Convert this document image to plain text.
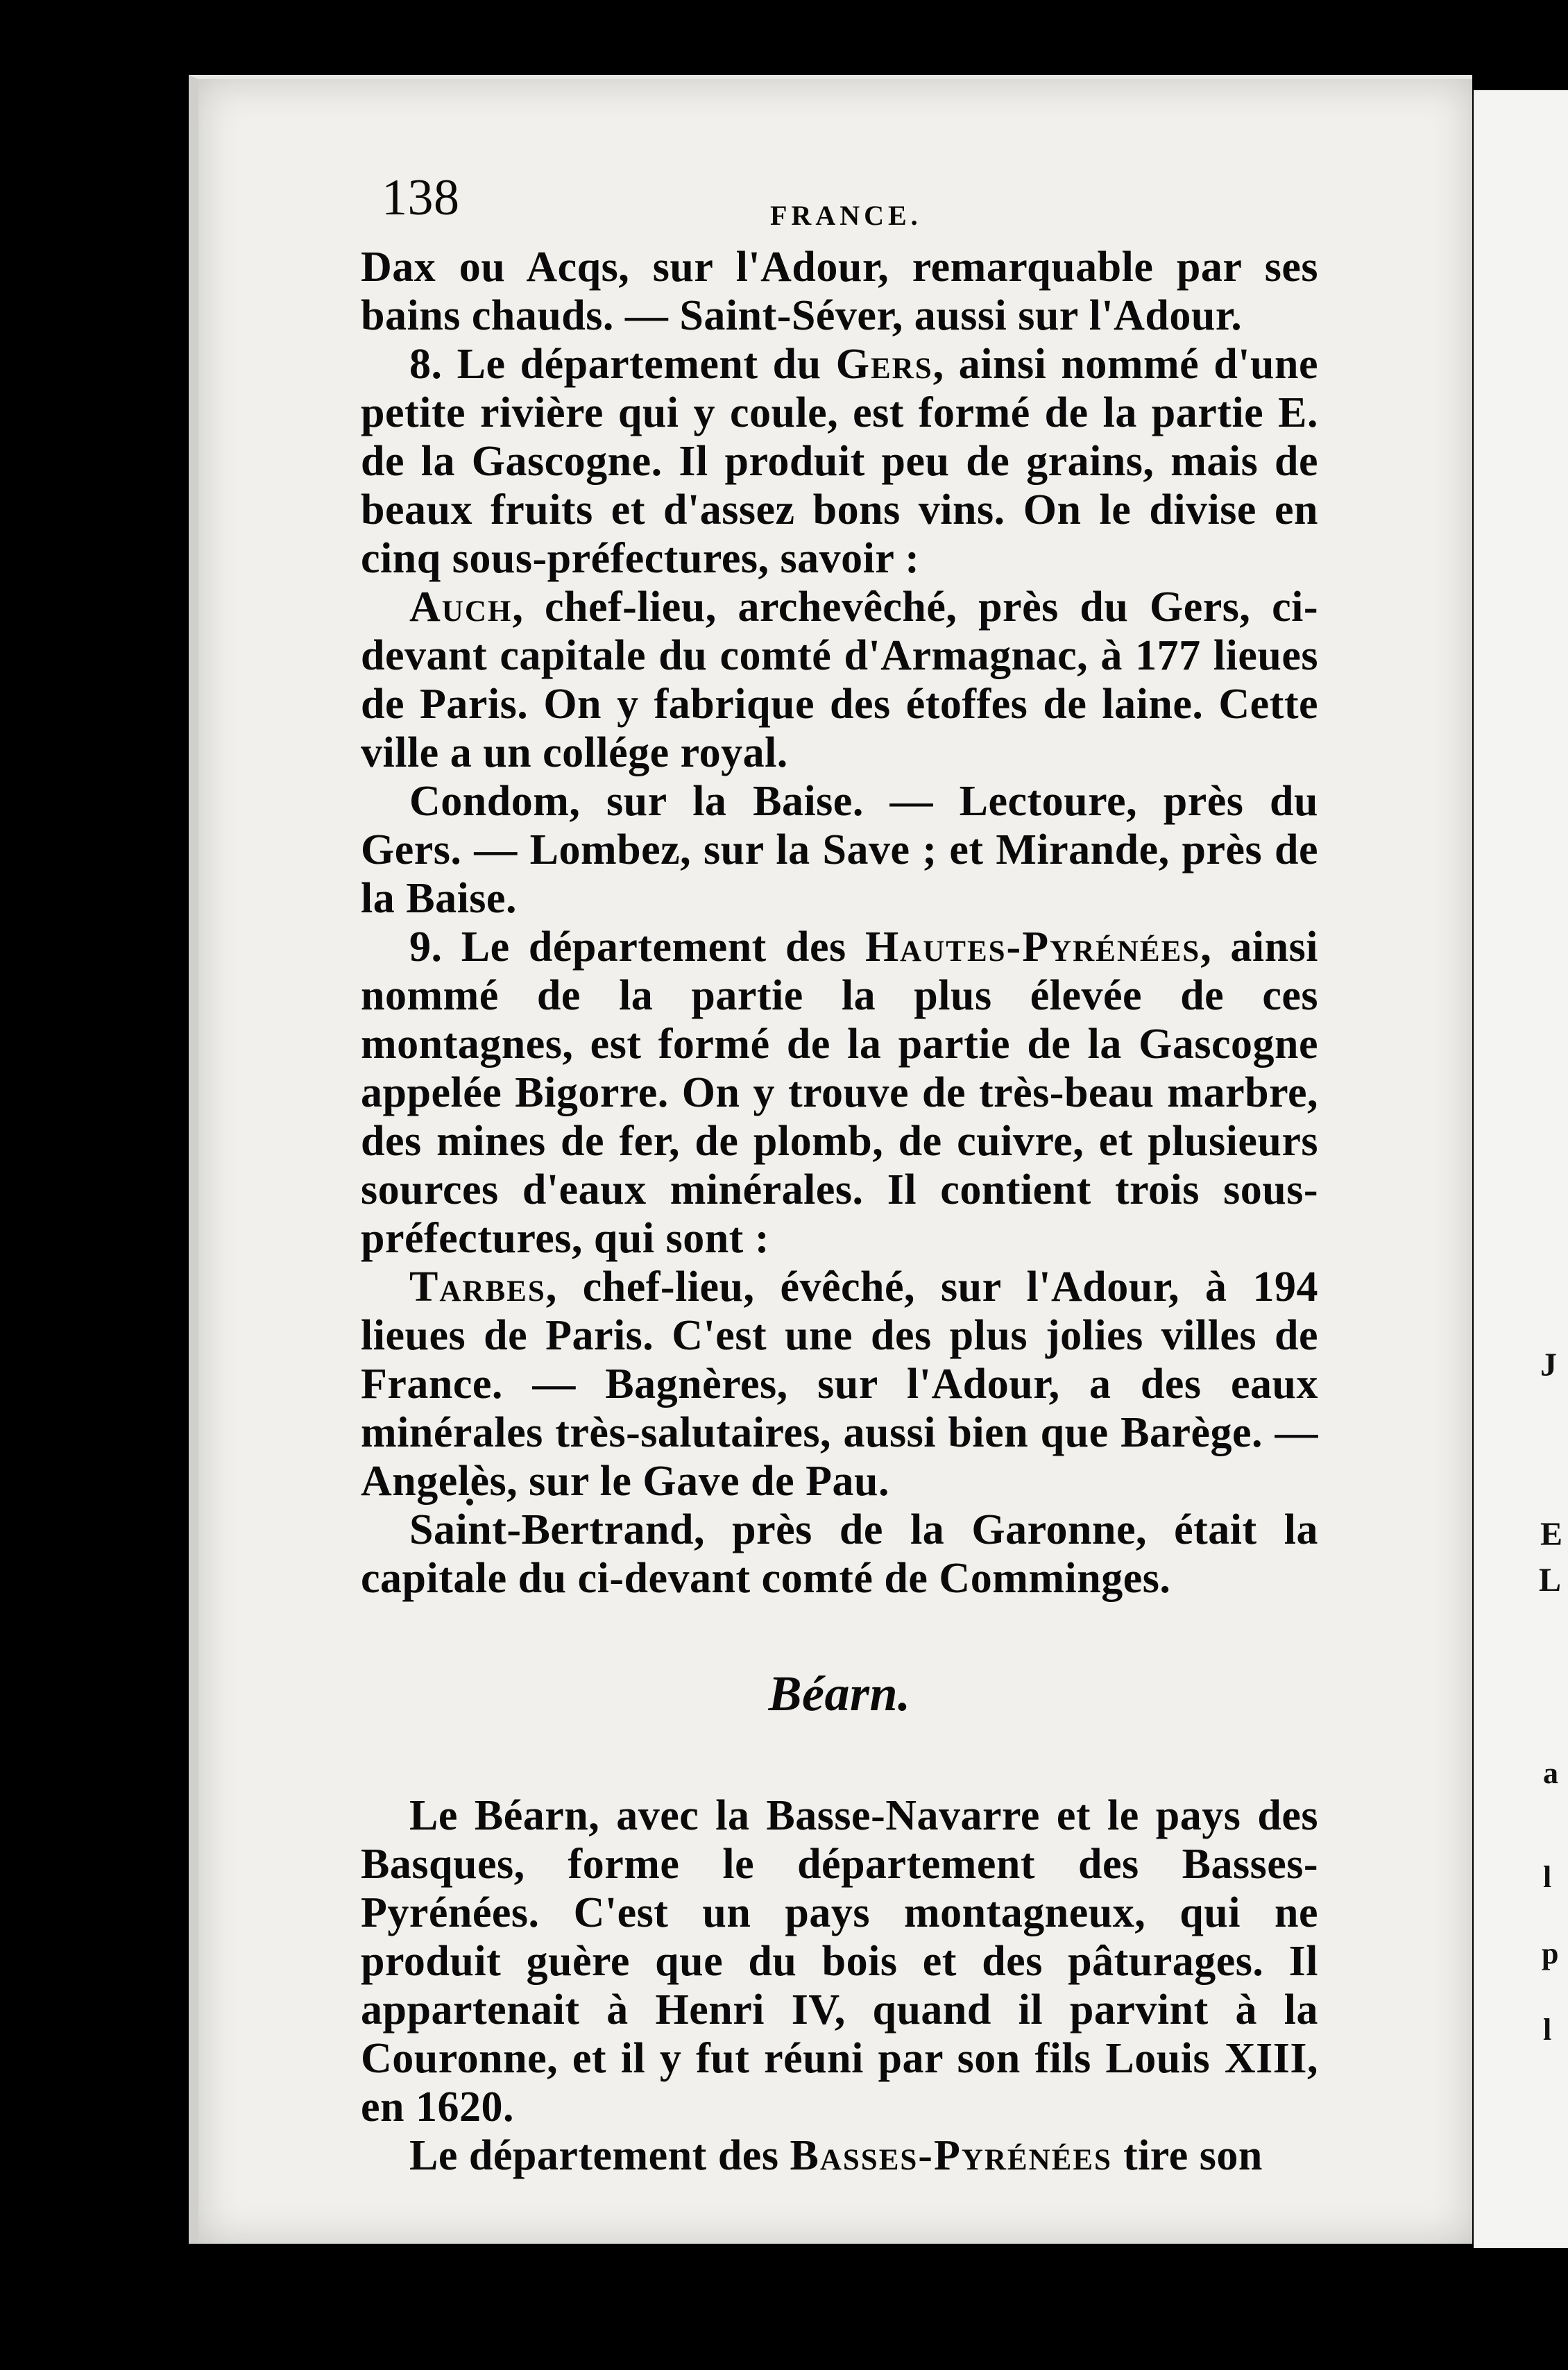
J
E
L
a
l
p
l
138	FRANCE.

Dax ou Acqs, sur l'Adour, remarquable par ses bains chauds. — Saint-Séver, aussi sur l'Adour.

8. Le département du Gers, ainsi nommé d'une petite rivière qui y coule, est formé de la partie E. de la Gascogne. Il produit peu de grains, mais de beaux fruits et d'assez bons vins. On le divise en cinq sous-préfectures, savoir :

Auch, chef-lieu, archevêché, près du Gers, ci-devant capitale du comté d'Armagnac, à 177 lieues de Paris. On y fabrique des étoffes de laine. Cette ville a un collége royal.

Condom, sur la Baise. — Lectoure, près du Gers. — Lombez, sur la Save ; et Mirande, près de la Baise.

9. Le département des Hautes-Pyrénées, ainsi nommé de la partie la plus élevée de ces montagnes, est formé de la partie de la Gascogne appelée Bigorre. On y trouve de très-beau marbre, des mines de fer, de plomb, de cuivre, et plusieurs sources d'eaux minérales. Il contient trois sous-préfectures, qui sont :

Tarbes, chef-lieu, évêché, sur l'Adour, à 194 lieues de Paris. C'est une des plus jolies villes de France. — Bagnères, sur l'Adour, a des eaux minérales très-salutaires, aussi bien que Barège. — Angelès, sur le Gave de Pau.

Saint-Bertrand, près de la Garonne, était la capitale du ci-devant comté de Comminges.

Béarn.

Le Béarn, avec la Basse-Navarre et le pays des Basques, forme le département des Basses-Pyrénées. C'est un pays montagneux, qui ne produit guère que du bois et des pâturages. Il appartenait à Henri IV, quand il parvint à la Couronne, et il y fut réuni par son fils Louis XIII, en 1620.

Le département des Basses-Pyrénées tire son
